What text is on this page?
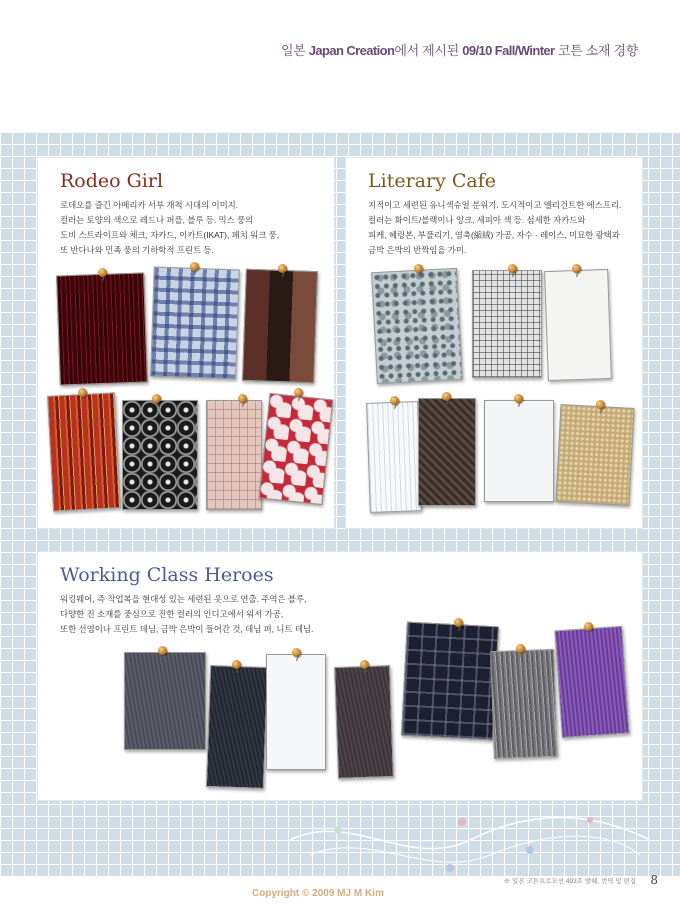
일본 Japan Creation에서 제시된 09/10 Fall/Winter 코튼 소재 경향
Rodeo Girl
로데오를 즐긴 아메리카 서부 개척 시대의 이미지.
컬러는 토양의 색으로 레드나 퍼플, 블루 등. 믹스 풍의
도비 스트라이프와 체크, 자카드, 이카트(IKAT), 패치 워크 풍,
또 반다나와 민족 풍의 기하학적 프린트 등.
Literary Cafe
지적이고 세련된 유니섹슈얼 분위기. 도시적이고 엘리건트한 에스프리.
컬러는 화이트/블랙이나 잉크, 세피아 색 등. 섬세한 자카드와
피케, 헤링본, 부풀리기, 염축(縮絨) 가공, 자수 · 레이스, 미묘한 광택과
금박 은박의 반짝임을 가미.
Working Class Heroes
워킹웨어, 즉 작업복을 현대성 있는 세련된 옷으로 연출. 주역은 블루,
다양한 진 소재를 중심으로 진한 컬러의 인디고에서 워서 가공,
또한 선염이나 프린트 데님, 금박 은박이 들어간 것, 데님 퍼, 니트 데님.
※ 일본 코튼프로모션 493호 발췌, 번역 및 편집 8
Copyright © 2009 MJ M Kim
